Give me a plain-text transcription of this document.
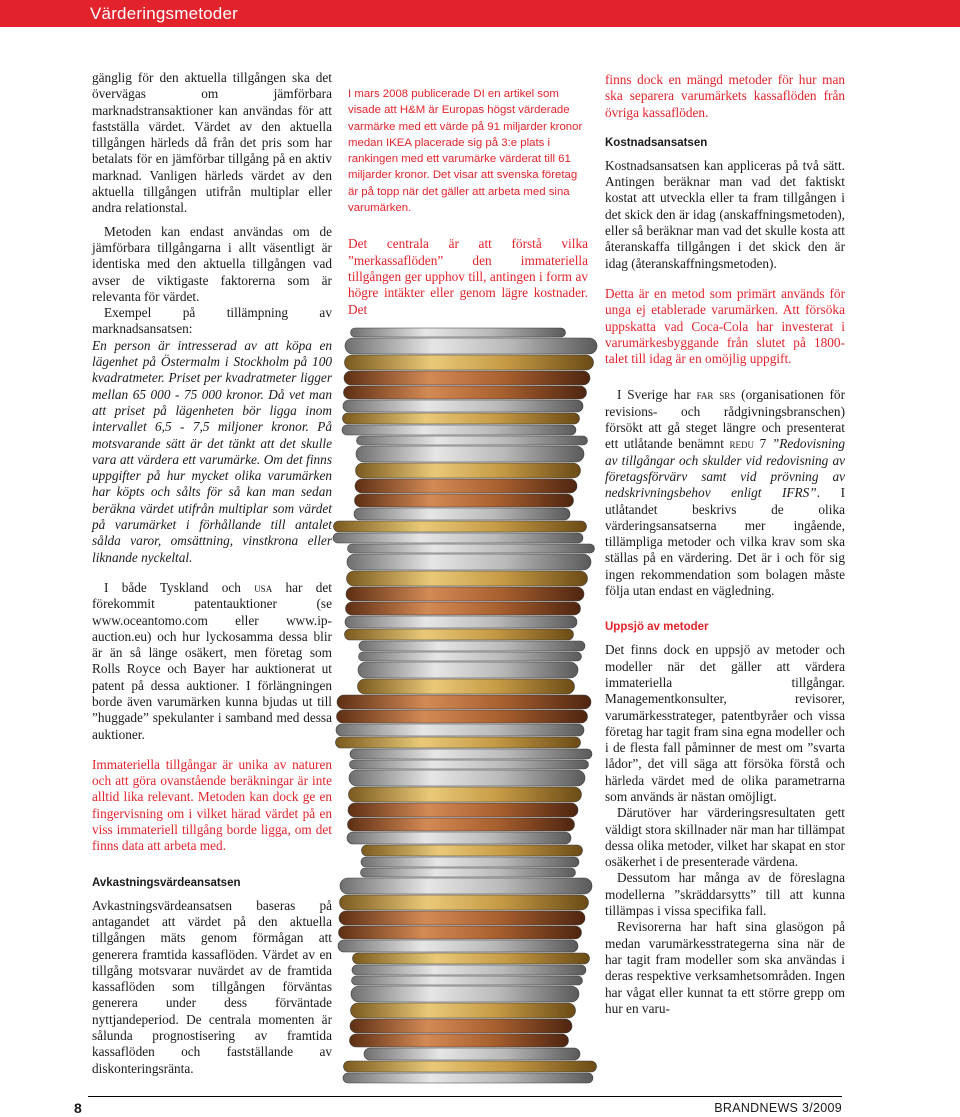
Värderingsmetoder

gänglig för den aktuella tillgången ska det övervägas om jämförbara marknadstransaktioner kan användas för att fastställa värdet. Värdet av den aktuella tillgången härleds då från det pris som har betalats för en jämförbar tillgång på en aktiv marknad. Vanligen härleds värdet av den aktuella tillgången utifrån multiplar eller andra relationstal.

Metoden kan endast användas om de jämförbara tillgångarna i allt väsentligt är identiska med den aktuella tillgången vad avser de viktigaste faktorerna som är relevanta för värdet.

Exempel på tillämpning av marknadsansatsen:

En person är intresserad av att köpa en lägenhet på Östermalm i Stockholm på 100 kvadratmeter. Priset per kvadratmeter ligger mellan 65 000 - 75 000 kronor. Då vet man att priset på lägenheten bör ligga inom intervallet 6,5 - 7,5 miljoner kronor. På motsvarande sätt är det tänkt att det skulle vara att värdera ett varumärke. Om det finns uppgifter på hur mycket olika varumärken har köpts och sålts för så kan man sedan beräkna värdet utifrån multiplar som värdet på varumärket i förhållande till antalet sålda varor, omsättning, vinstkrona eller liknande nyckeltal.

I både Tyskland och usa har det förekommit patentauktioner (se www.oceantomo.com eller www.ip-auction.eu) och hur lyckosamma dessa blir är än så länge osäkert, men företag som Rolls Royce och Bayer har auktionerat ut patent på dessa auktioner. I förlängningen borde även varumärken kunna bjudas ut till ”huggade” spekulanter i samband med dessa auktioner.

Immateriella tillgångar är unika av naturen och att göra ovanstående beräkningar är inte alltid lika relevant. Metoden kan dock ge en fingervisning om i vilket härad värdet på en viss immateriell tillgång borde ligga, om det finns data att arbeta med.

Avkastningsvärdeansatsen

Avkastningsvärdeansatsen baseras på antagandet att värdet på den aktuella tillgången mäts genom förmågan att generera framtida kassaflöden. Värdet av en tillgång motsvarar nuvärdet av de framtida kassaflöden som tillgången förväntas generera under dess förväntade nyttjandeperiod. De centrala momenten är sålunda prognostisering av framtida kassaflöden och fastställande av diskonteringsränta.

I mars 2008 publicerade DI en artikel som visade att H&M är Europas högst värderade varmärke med ett värde på 91 miljarder kronor medan IKEA placerade sig på 3:e plats i rankingen med ett varumärke värderat till 61 miljarder kronor. Det visar att svenska företag är på topp när det gäller att arbeta med sina varumärken.

Det centrala är att förstå vilka ”merkassaflöden” den immateriella tillgången ger upphov till, antingen i form av högre intäkter eller genom lägre kostnader. Det

finns dock en mängd metoder för hur man ska separera varumärkets kassaflöden från övriga kassaflöden.

Kostnadsansatsen

Kostnadsansatsen kan appliceras på två sätt. Antingen beräknar man vad det faktiskt kostat att utveckla eller ta fram tillgången i det skick den är idag (anskaffningsmetoden), eller så beräknar man vad det skulle kosta att återanskaffa tillgången i det skick den är idag (återanskaffningsmetoden).

Detta är en metod som primärt används för unga ej etablerade varumärken. Att försöka uppskatta vad Coca-Cola har investerat i varumärkesbyggande från slutet på 1800-talet till idag är en omöjlig uppgift.

I Sverige har far srs (organisationen för revisions- och rådgivningsbranschen) försökt att gå steget längre och presenterat ett utlåtande benämnt redu 7 ”Redovisning av tillgångar och skulder vid redovisning av företagsförvärv samt vid prövning av nedskrivningsbehov enligt IFRS”. I utlåtandet beskrivs de olika värderingsansatserna mer ingående, tillämpliga metoder och vilka krav som ska ställas på en värdering. Det är i och för sig ingen rekommendation som bolagen måste följa utan endast en vägledning.

Uppsjö av metoder

Det finns dock en uppsjö av metoder och modeller när det gäller att värdera immateriella tillgångar. Managementkonsulter, revisorer, varumärkesstrateger, patentbyråer och vissa företag har tagit fram sina egna modeller och i de flesta fall påminner de mest om ”svarta lådor”, det vill säga att försöka förstå och härleda värdet med de olika parametrarna som används är nästan omöjligt.

Därutöver har värderingsresultaten gett väldigt stora skillnader när man har tillämpat dessa olika metoder, vilket har skapat en stor osäkerhet i de presenterade värdena.

Dessutom har många av de föreslagna modellerna ”skräddarsytts” till att kunna tillämpas i vissa specifika fall.

Revisorerna har haft sina glasögon på medan varumärkesstrategerna sina när de har tagit fram modeller som ska användas i deras respektive verksamhetsområden. Ingen har vågat eller kunnat ta ett större grepp om hur en varu-

8	BRANDNEWS 3/2009
